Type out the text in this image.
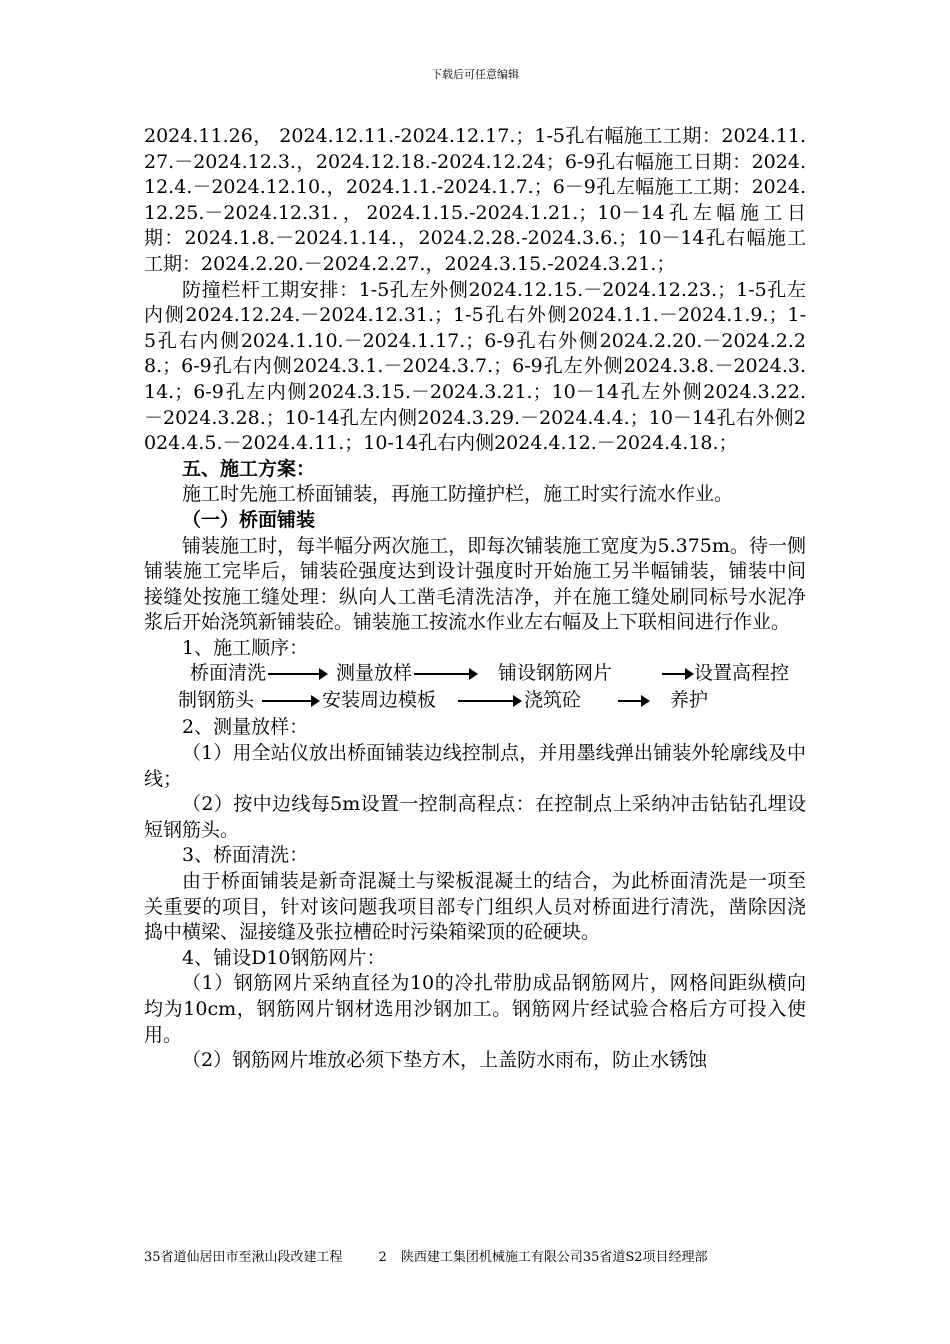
下载后可任意编辑

2024.11.26， 2024.12.11.-2024.12.17.；1-5孔右幅施工工期：2024.11.27.－2024.12.3.，2024.12.18.-2024.12.24；6-9孔右幅施工日期：2024.12.4.－2024.12.10.，2024.1.1.-2024.1.7.；6－9孔左幅施工工期：2024.12.25.－2024.12.31.，2024.1.15.-2024.1.21.；10－14孔左幅施工日期：2024.1.8.－2024.1.14.，2024.2.28.-2024.3.6.；10－14孔右幅施工工期：2024.2.20.－2024.2.27.，2024.3.15.-2024.3.21.；

防撞栏杆工期安排：1-5孔左外侧2024.12.15.－2024.12.23.；1-5孔左内侧2024.12.24.－2024.12.31.；1-5孔右外侧2024.1.1.－2024.1.9.；1-5孔右内侧2024.1.10.－2024.1.17.；6-9孔右外侧2024.2.20.－2024.2.28.；6-9孔右内侧2024.3.1.－2024.3.7.；6-9孔左外侧2024.3.8.－2024.3.14.；6-9孔左内侧2024.3.15.－2024.3.21.；10－14孔左外侧2024.3.22.－2024.3.28.；10-14孔左内侧2024.3.29.－2024.4.4.；10－14孔右外侧2024.4.5.－2024.4.11.；10-14孔右内侧2024.4.12.－2024.4.18.；

五、施工方案：

施工时先施工桥面铺装，再施工防撞护栏，施工时实行流水作业。

（一）桥面铺装

铺装施工时，每半幅分两次施工，即每次铺装施工宽度为5.375m。待一侧铺装施工完毕后，铺装砼强度达到设计强度时开始施工另半幅铺装，铺装中间接缝处按施工缝处理：纵向人工凿毛清洗洁净，并在施工缝处刷同标号水泥净浆后开始浇筑新铺装砼。铺装施工按流水作业左右幅及上下联相间进行作业。

1、施工顺序：

桥面清洗	测量放样	铺设钢筋网片	设置高程控
制钢筋头	安装周边模板	浇筑砼	养护

2、测量放样：

（1）用全站仪放出桥面铺装边线控制点，并用墨线弹出铺装外轮廓线及中线；

（2）按中边线每5m设置一控制高程点：在控制点上采纳冲击钻钻孔埋设短钢筋头。

3、桥面清洗：

由于桥面铺装是新奇混凝土与梁板混凝土的结合，为此桥面清洗是一项至关重要的项目，针对该问题我项目部专门组织人员对桥面进行清洗，凿除因浇捣中横梁、湿接缝及张拉槽砼时污染箱梁顶的砼硬块。

4、铺设D10钢筋网片：

（1）钢筋网片采纳直径为10的冷扎带肋成品钢筋网片，网格间距纵横向均为10cm，钢筋网片钢材选用沙钢加工。钢筋网片经试验合格后方可投入使用。

（2）钢筋网片堆放必须下垫方木，上盖防水雨布，防止水锈蚀

35省道仙居田市至湫山段改建工程	2 陕西建工集团机械施工有限公司35省道S2项目经理部
